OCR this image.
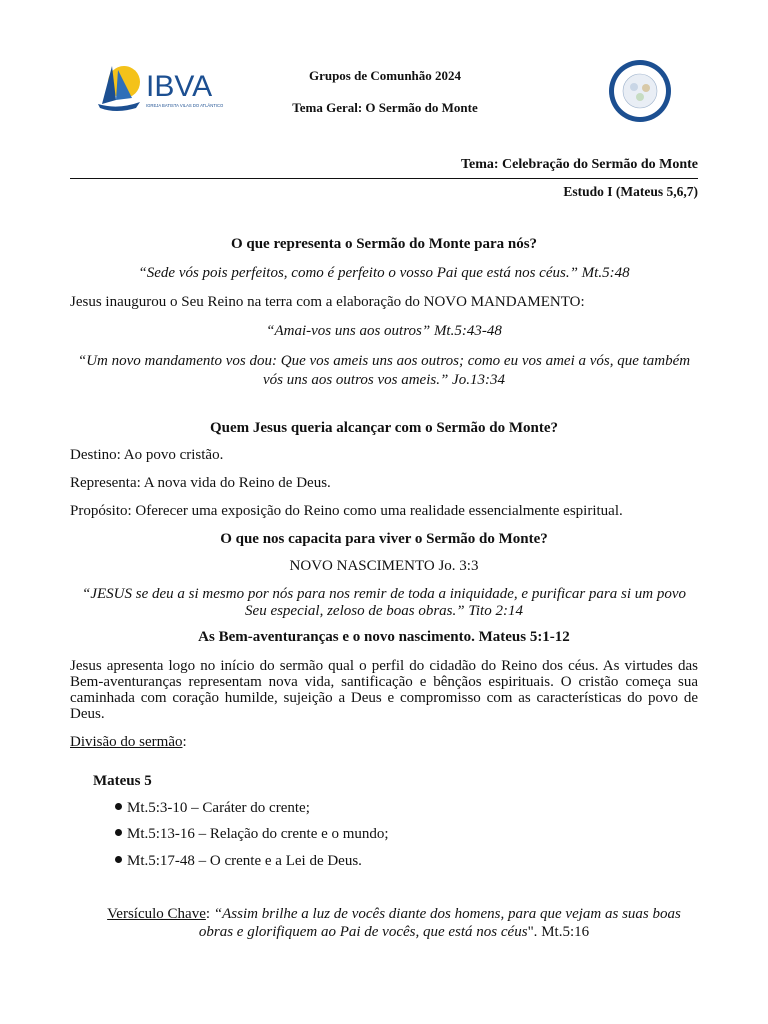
IBVA
IGREJA BATISTA VILAS DO ATLÂNTICO
Grupos de Comunhão 2024
Tema Geral: O Sermão do Monte
GRUPOS DE COMUNHÃO
IBVA
Tema: Celebração do Sermão do Monte
Estudo I (Mateus 5,6,7)
O que representa o Sermão do Monte para nós?
“Sede vós pois perfeitos, como é perfeito o vosso Pai que está nos céus.” Mt.5:48
Jesus inaugurou o Seu Reino na terra com a elaboração do NOVO MANDAMENTO:
“Amai-vos uns aos outros” Mt.5:43-48
“Um novo mandamento vos dou: Que vos ameis uns aos outros; como eu vos amei a vós, que também vós uns aos outros vos ameis.” Jo.13:34
Quem Jesus queria alcançar com o Sermão do Monte?
Destino: Ao povo cristão.
Representa: A nova vida do Reino de Deus.
Propósito: Oferecer uma exposição do Reino como uma realidade essencialmente espiritual.
O que nos capacita para viver o Sermão do Monte?
NOVO NASCIMENTO Jo. 3:3
“JESUS se deu a si mesmo por nós para nos remir de toda a iniquidade, e purificar para si um povo Seu especial, zeloso de boas obras.” Tito 2:14
As Bem-aventuranças e o novo nascimento. Mateus 5:1-12
Jesus apresenta logo no início do sermão qual o perfil do cidadão do Reino dos céus. As virtudes das Bem-aventuranças representam nova vida, santificação e bênçãos espirituais. O cristão começa sua caminhada com coração humilde, sujeição a Deus e compromisso com as características do povo de Deus.
Divisão do sermão:
Mateus 5
Mt.5:3-10 – Caráter do crente;
Mt.5:13-16 – Relação do crente e o mundo;
Mt.5:17-48 – O crente e a Lei de Deus.
Versículo Chave: “Assim brilhe a luz de vocês diante dos homens, para que vejam as suas boas obras e glorifiquem ao Pai de vocês, que está nos céus". Mt.5:16
